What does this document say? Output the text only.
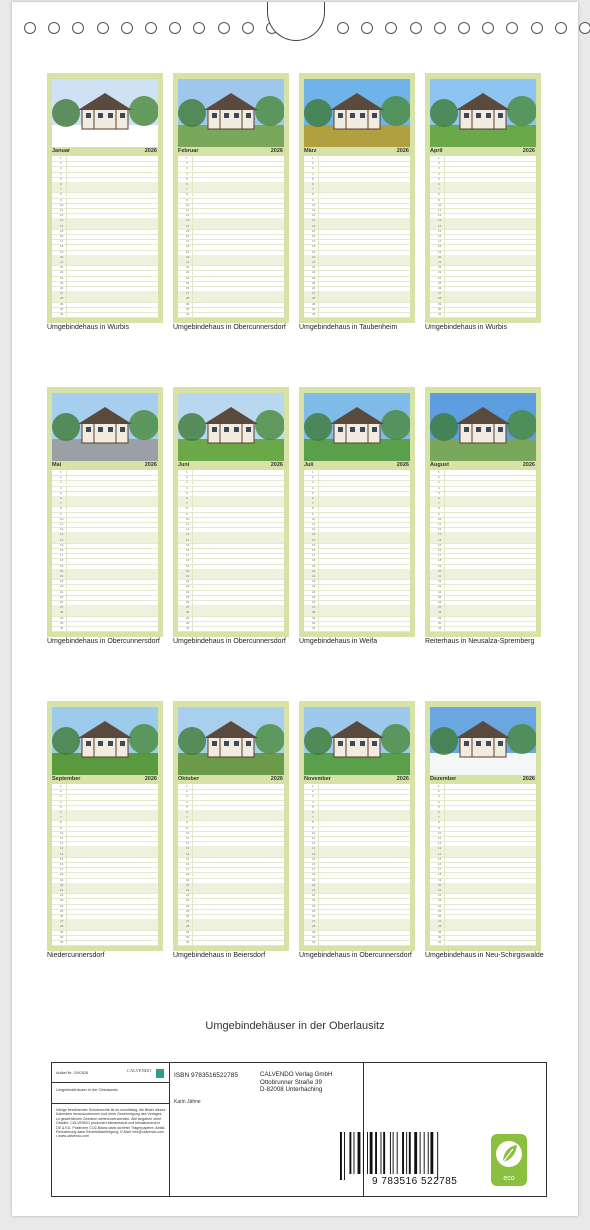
Januar	2026
1
2
3
4
5
6
7
8
9
10
11
12
13
14
15
16
17
18
19
20
21
22
23
24
25
26
27
28
29
30
31
Umgebindehaus in Wurbis
Februar	2026
1
2
3
4
5
6
7
8
9
10
11
12
13
14
15
16
17
18
19
20
21
22
23
24
25
26
27
28
29
30
31
Umgebindehaus in Obercunnersdorf
März	2026
1
2
3
4
5
6
7
8
9
10
11
12
13
14
15
16
17
18
19
20
21
22
23
24
25
26
27
28
29
30
31
Umgebindehaus in Taubenheim
April	2026
1
2
3
4
5
6
7
8
9
10
11
12
13
14
15
16
17
18
19
20
21
22
23
24
25
26
27
28
29
30
31
Umgebindehaus in Wurbis
Mai	2026
1
2
3
4
5
6
7
8
9
10
11
12
13
14
15
16
17
18
19
20
21
22
23
24
25
26
27
28
29
30
31
Umgebindehaus in Obercunnersdorf
Juni	2026
1
2
3
4
5
6
7
8
9
10
11
12
13
14
15
16
17
18
19
20
21
22
23
24
25
26
27
28
29
30
31
Umgebindehaus in Obercunnersdorf
Juli	2026
1
2
3
4
5
6
7
8
9
10
11
12
13
14
15
16
17
18
19
20
21
22
23
24
25
26
27
28
29
30
31
Umgebindehaus in Weifa
August	2026
1
2
3
4
5
6
7
8
9
10
11
12
13
14
15
16
17
18
19
20
21
22
23
24
25
26
27
28
29
30
31
Reiterhaus in Neusalza-Spremberg
September	2026
1
2
3
4
5
6
7
8
9
10
11
12
13
14
15
16
17
18
19
20
21
22
23
24
25
26
27
28
29
30
31
Niedercunnersdorf
Oktober	2026
1
2
3
4
5
6
7
8
9
10
11
12
13
14
15
16
17
18
19
20
21
22
23
24
25
26
27
28
29
30
31
Umgebindehaus in Beiersdorf
November	2026
1
2
3
4
5
6
7
8
9
10
11
12
13
14
15
16
17
18
19
20
21
22
23
24
25
26
27
28
29
30
31
Umgebindehaus in Obercunnersdorf
Dezember	2026
1
2
3
4
5
6
7
8
9
10
11
12
13
14
15
16
17
18
19
20
21
22
23
24
25
26
27
28
29
30
31
Umgebindehaus in Neu-Schirgiswalde
Umgebindehäuser in der Oberlausitz
Artikel Nr. 2097626	CALVENDO
Umgebindehäuser in der Oberlausitz
Infolge bestehender Schutzrechte ist es unzulässig, die Bilder dieses Kalenders herauszutrennen und ohne Genehmigung des Verlages zu gewerblichen Zwecken weiterzuverwenden. Alle Angaben ohne Gewähr. CALVENDO produziert klimaneutral und klimakneutral in DE & EU. Positivere CO2-Bilanz dank sicherer Trägerpapiere. Abfall-Reduzierung dank Einzelstückfertigung. E-Mail: info@calvendo.com • www.calvendo.com
ISBN 9783516522785
Karin Jähne
CALVENDO Verlag GmbH
Ottobrunner Straße 39
D-82008 Unterhaching
9 783516 522785	eco
